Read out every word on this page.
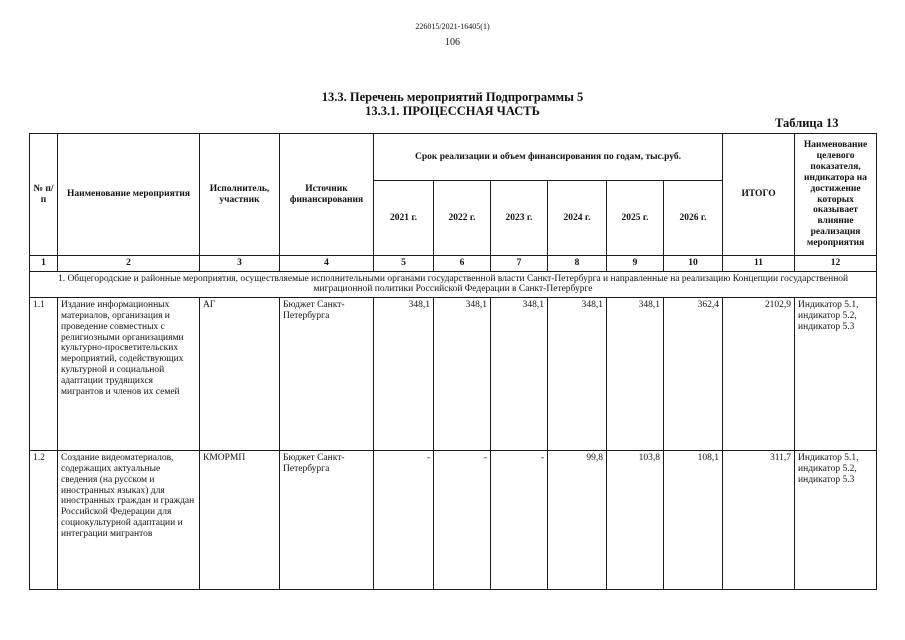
226015/2021-16405(1)
106
13.3. Перечень мероприятий Подпрограммы 5
13.3.1. ПРОЦЕССНАЯ ЧАСТЬ
Таблица 13
№ п/п	Наименование мероприятия	Исполнитель, участник	Источник финансирования	Срок реализации и объем финансирования по годам, тыс.руб.						ИТОГО	Наименование целевого показателя, индикатора на достижение которых оказывает влияние реализация мероприятия
				2021 г.	2022 г.	2023 г.	2024 г.	2025 г.	2026 г.		
1	2	3	4	5	6	7	8	9	10	11	12
1. Общегородские и районные мероприятия, осуществляемые исполнительными органами государственной власти Санкт-Петербурга и направленные на реализацию Концепции государственной миграционной политики Российской Федерации в Санкт-Петербурге											
1.1	Издание информационных материалов, организация и проведение совместных с религиозными организациями культурно-просветительских мероприятий, содействующих культурной и социальной адаптации трудящихся мигрантов и членов их семей	АГ	Бюджет Санкт-Петербурга	348,1	348,1	348,1	348,1	348,1	362,4	2102,9	Индикатор 5.1, индикатор 5.2, индикатор 5.3
1.2	Создание видеоматериалов, содержащих актуальные сведения (на русском и иностранных языках) для иностранных граждан и граждан Российской Федерации для социокультурной адаптации и интеграции мигрантов	КМОРМП	Бюджет Санкт-Петербурга	-	-	-	99,8	103,8	108,1	311,7	Индикатор 5.1, индикатор 5.2, индикатор 5.3
